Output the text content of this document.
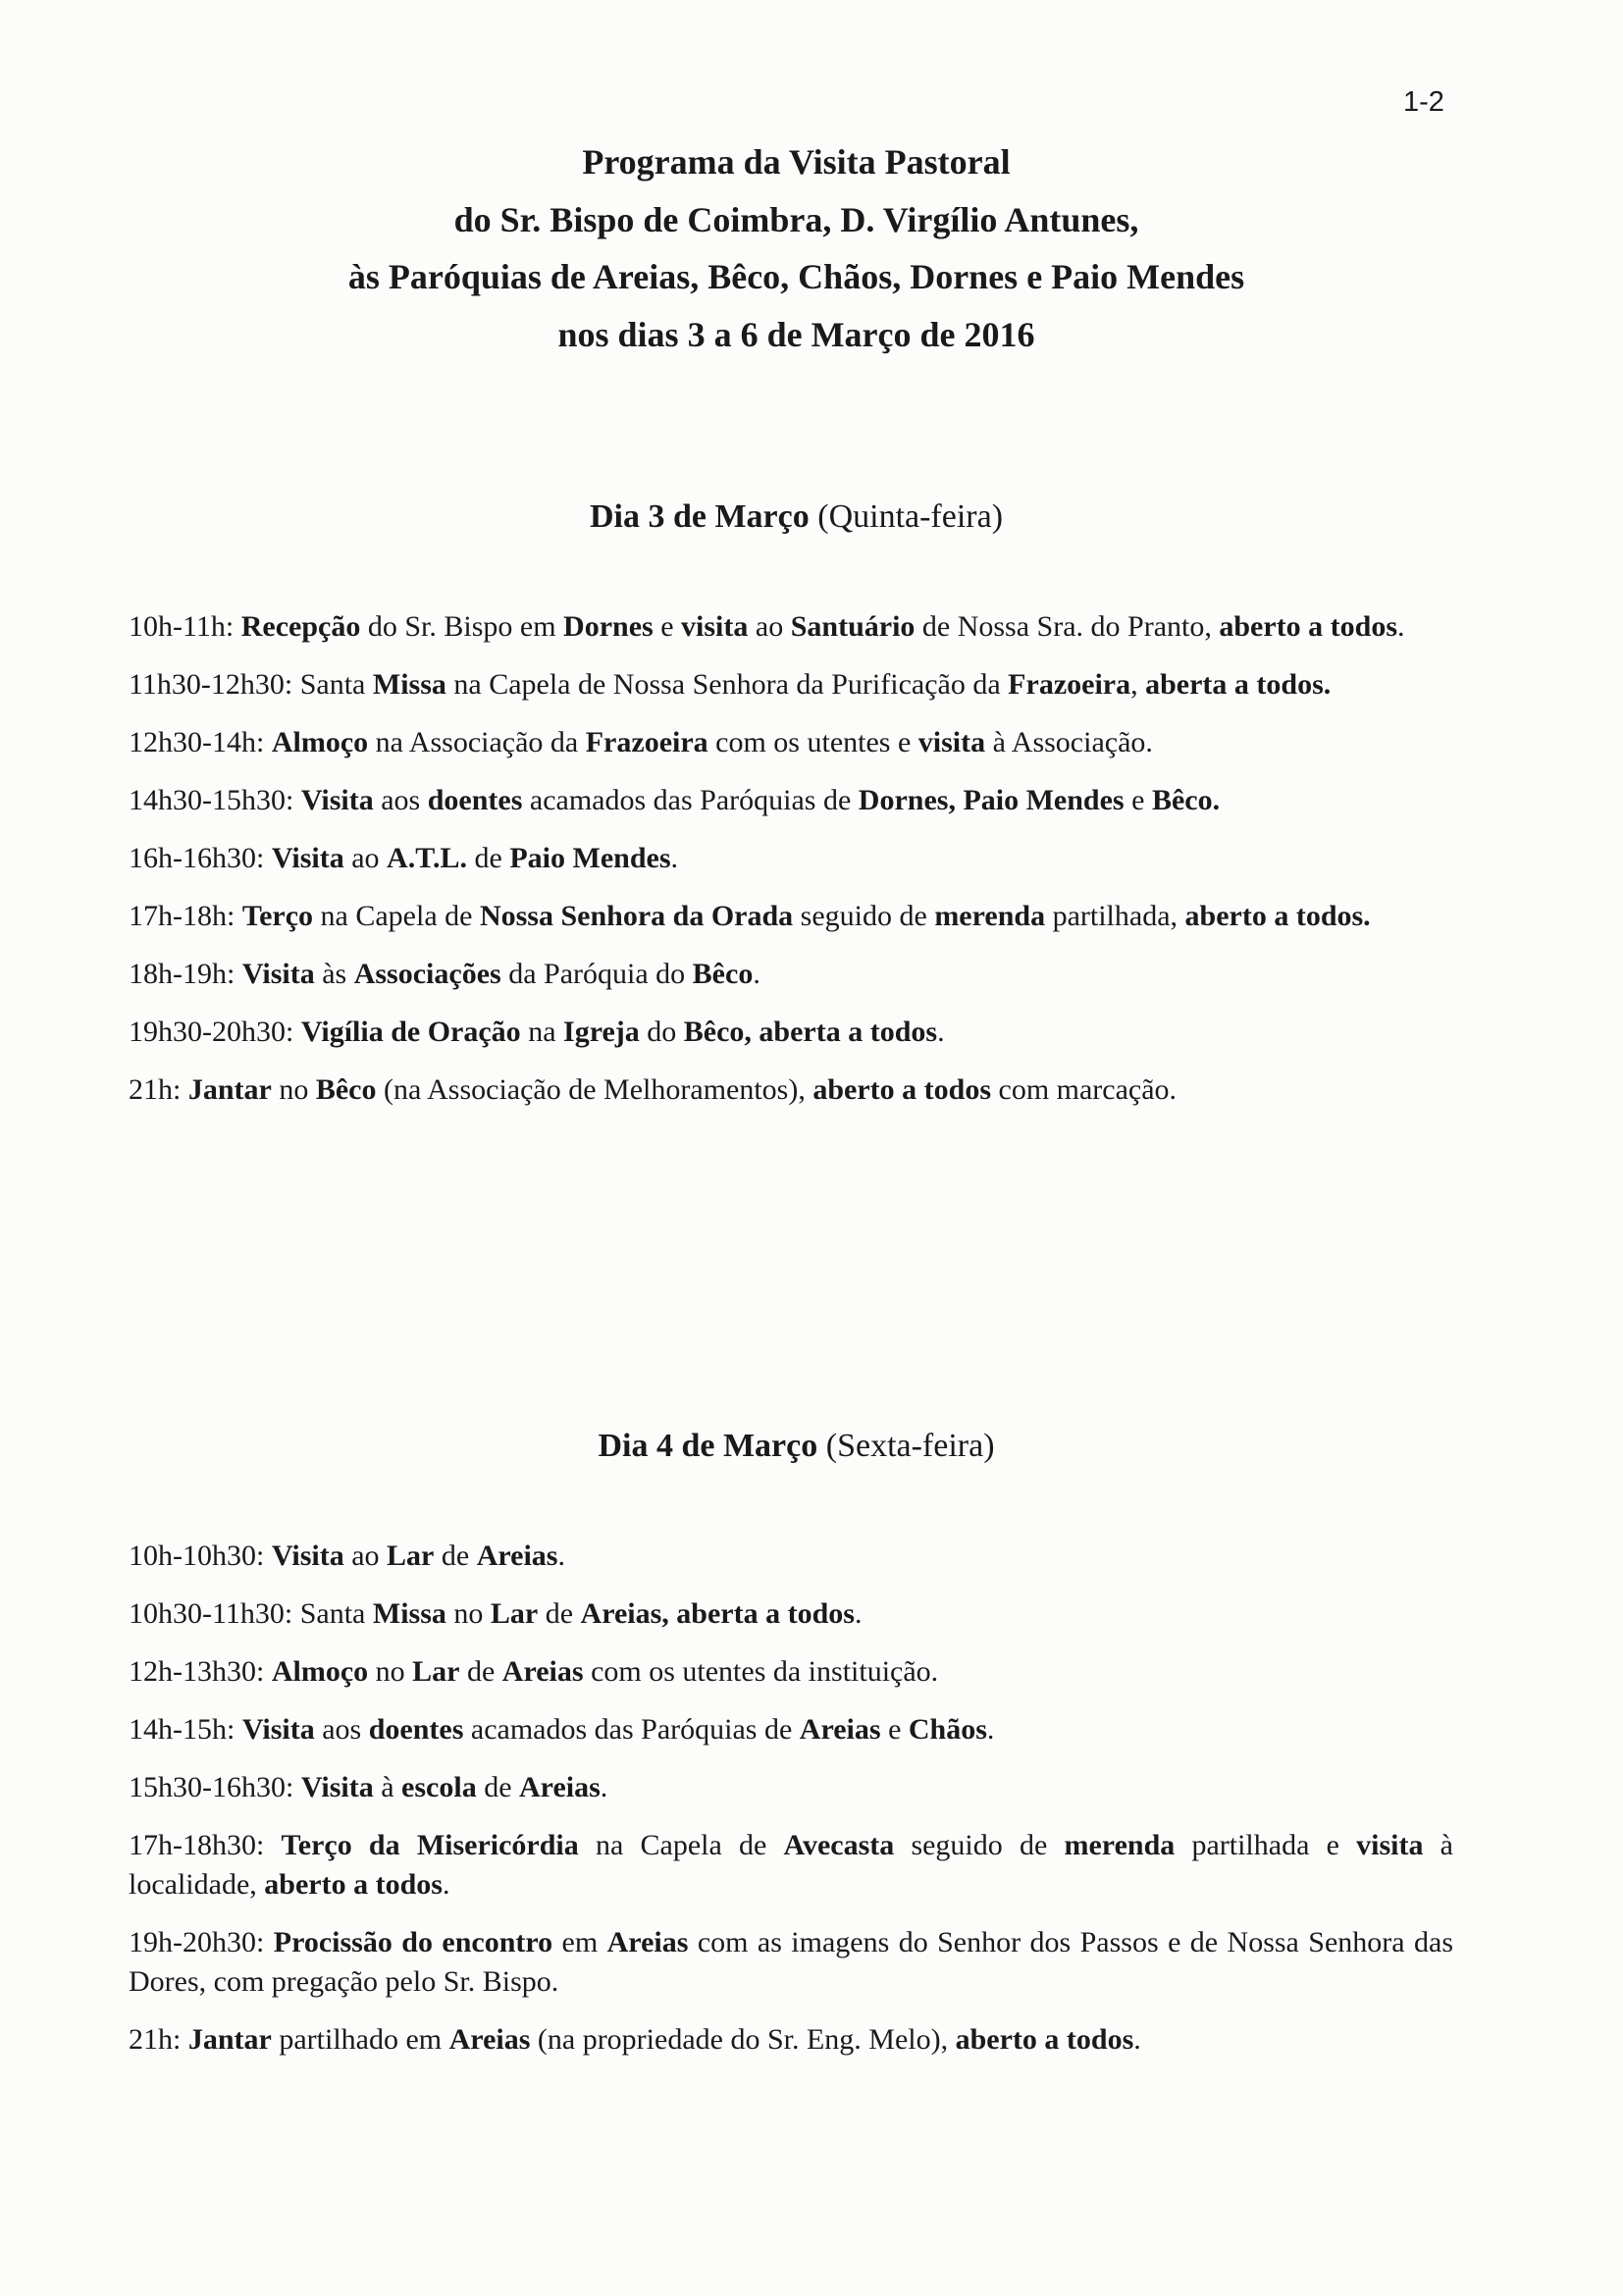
1-2
Programa da Visita Pastoral
do Sr. Bispo de Coimbra, D. Virgílio Antunes,
às Paróquias de Areias, Bêco, Chãos, Dornes e Paio Mendes
nos dias 3 a 6 de Março de 2016
Dia 3 de Março (Quinta-feira)

10h-11h: Recepção do Sr. Bispo em Dornes e visita ao Santuário de Nossa Sra. do Pranto, aberto a todos.

11h30-12h30: Santa Missa na Capela de Nossa Senhora da Purificação da Frazoeira, aberta a todos.

12h30-14h: Almoço na Associação da Frazoeira com os utentes e visita à Associação.

14h30-15h30: Visita aos doentes acamados das Paróquias de Dornes, Paio Mendes e Bêco.

16h-16h30: Visita ao A.T.L. de Paio Mendes.

17h-18h: Terço na Capela de Nossa Senhora da Orada seguido de merenda partilhada, aberto a todos.

18h-19h: Visita às Associações da Paróquia do Bêco.

19h30-20h30: Vigília de Oração na Igreja do Bêco, aberta a todos.

21h: Jantar no Bêco (na Associação de Melhoramentos), aberto a todos com marcação.

Dia 4 de Março (Sexta-feira)

10h-10h30: Visita ao Lar de Areias.

10h30-11h30: Santa Missa no Lar de Areias, aberta a todos.

12h-13h30: Almoço no Lar de Areias com os utentes da instituição.

14h-15h: Visita aos doentes acamados das Paróquias de Areias e Chãos.

15h30-16h30: Visita à escola de Areias.

17h-18h30: Terço da Misericórdia na Capela de Avecasta seguido de merenda partilhada e visita à localidade, aberto a todos.

19h-20h30: Procissão do encontro em Areias com as imagens do Senhor dos Passos e de Nossa Senhora das Dores, com pregação pelo Sr. Bispo.

21h: Jantar partilhado em Areias (na propriedade do Sr. Eng. Melo), aberto a todos.
